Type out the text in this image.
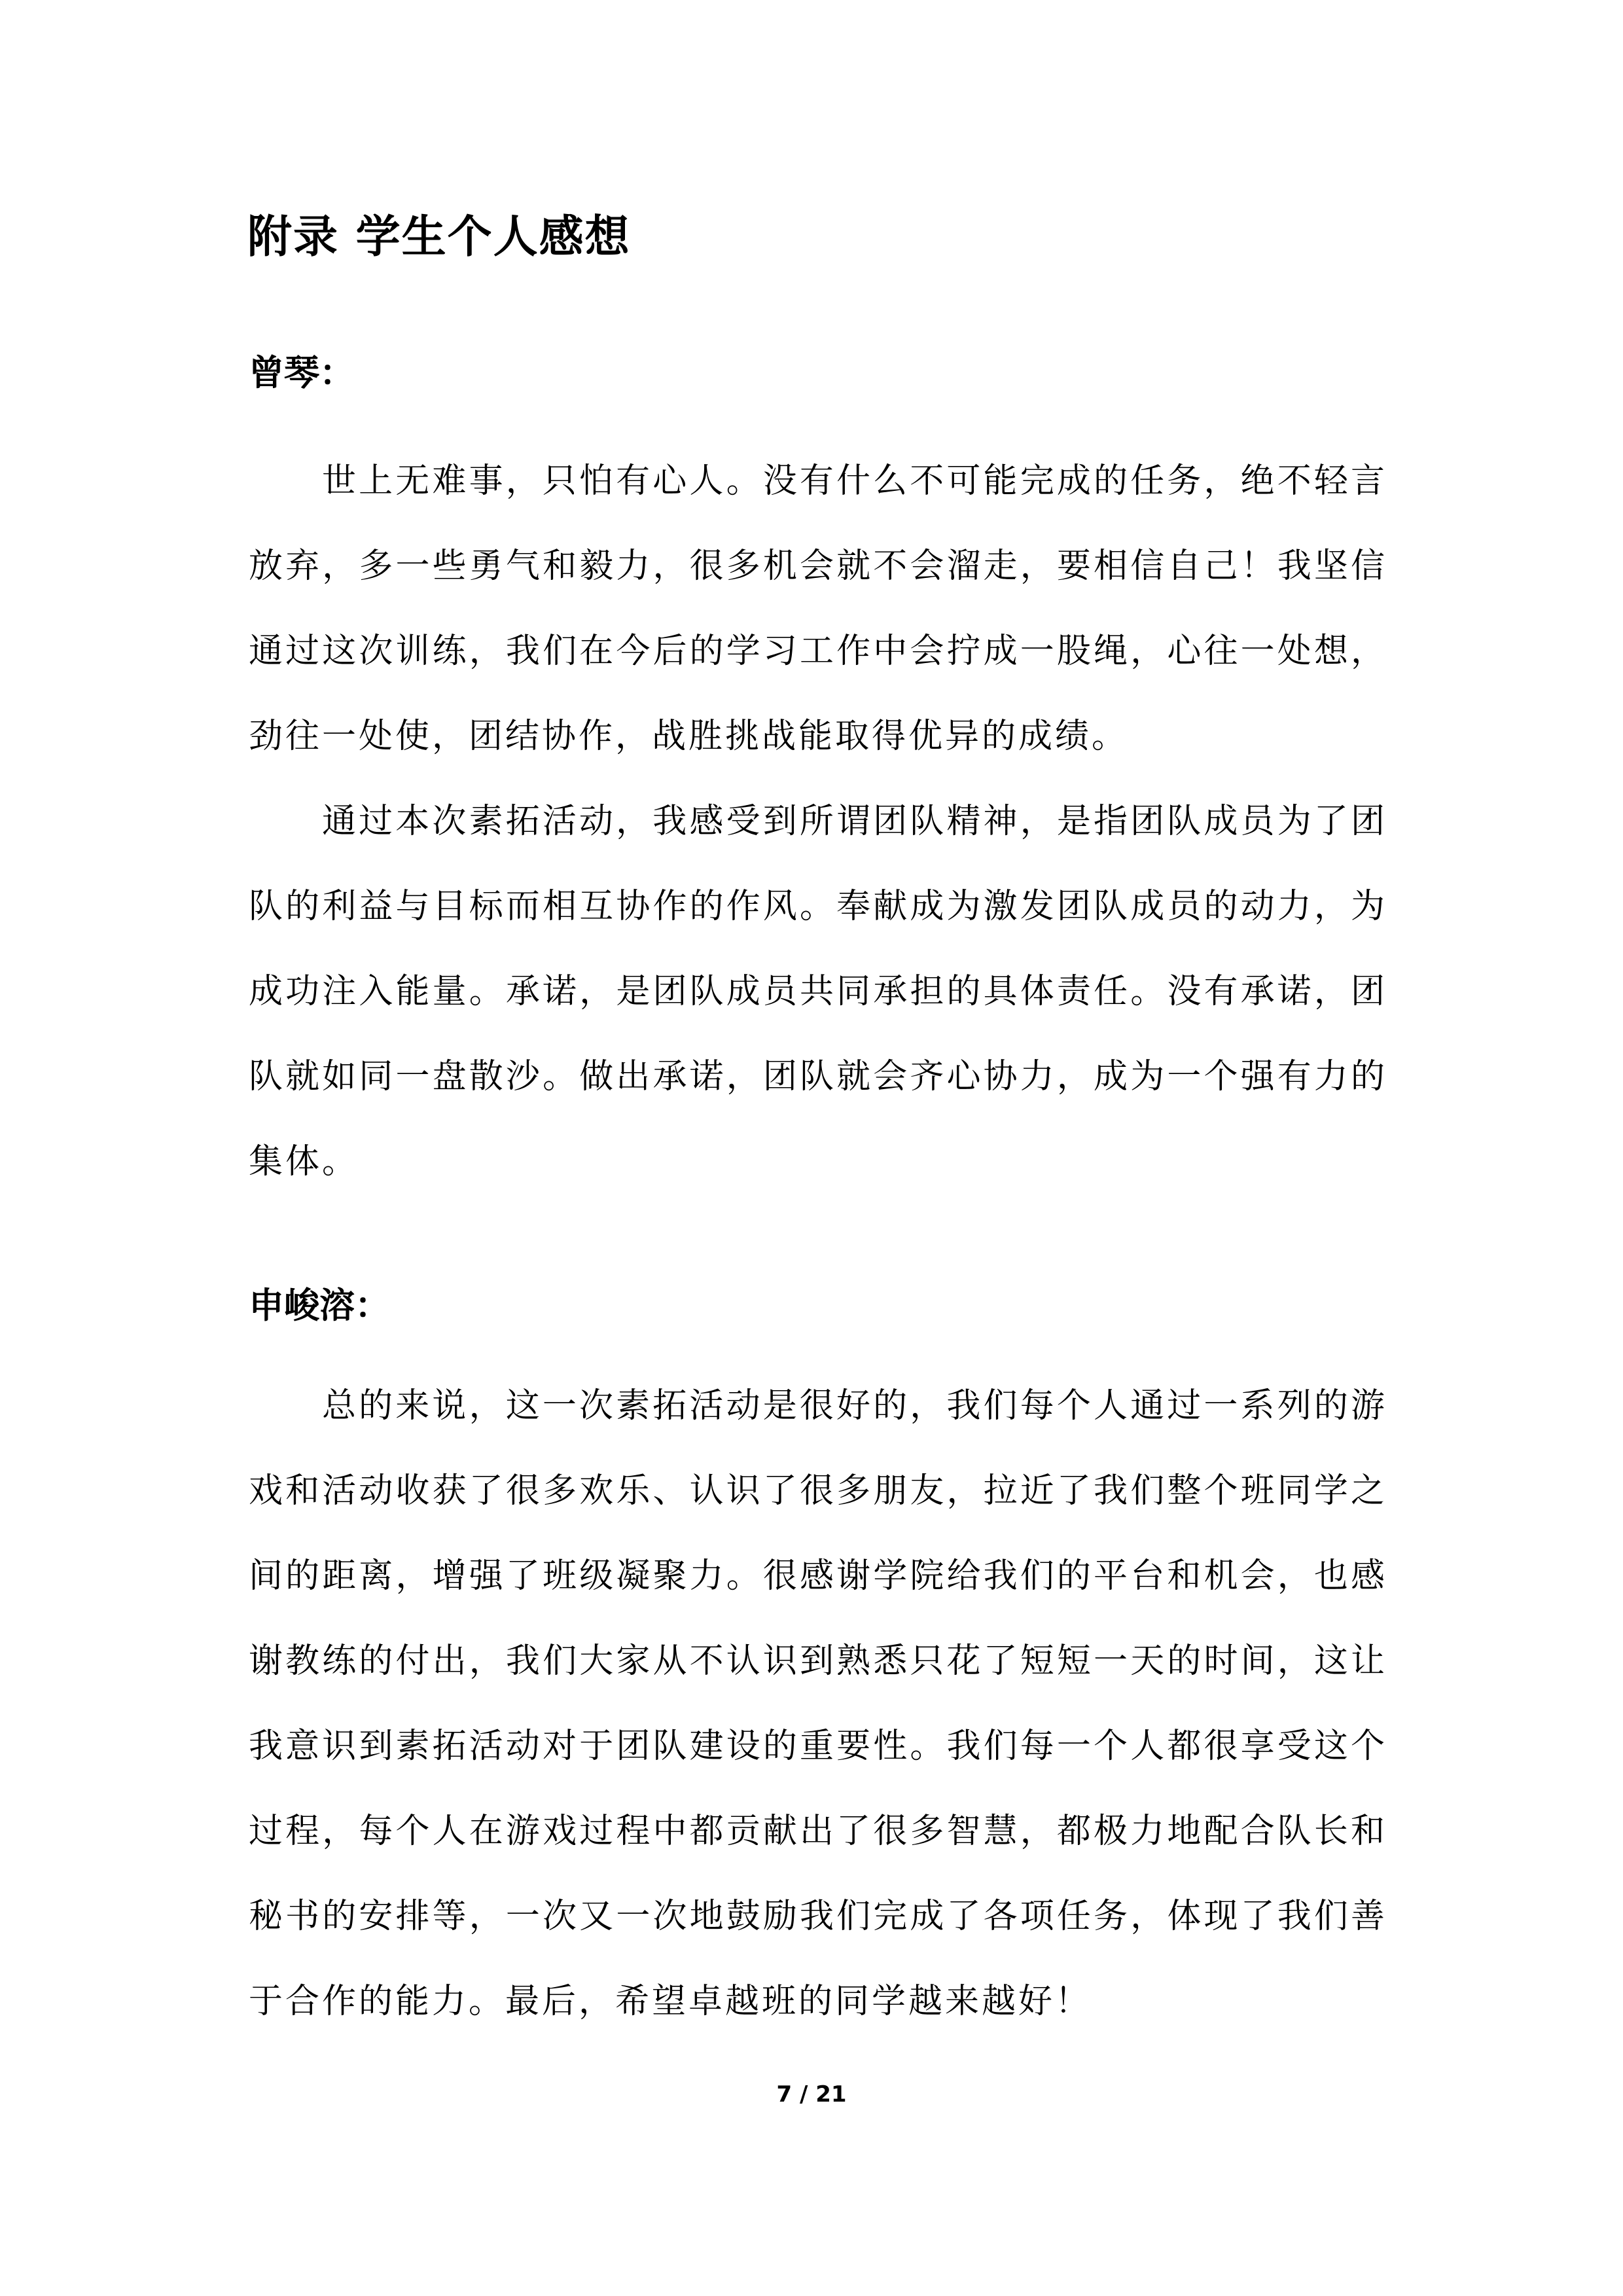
附录 学生个人感想
曾琴：

世上无难事，只怕有心人。没有什么不可能完成的任务，绝不轻言放弃，多一些勇气和毅力，很多机会就不会溜走，要相信自己！我坚信通过这次训练，我们在今后的学习工作中会拧成一股绳，心往一处想，劲往一处使，团结协作，战胜挑战能取得优异的成绩。

通过本次素拓活动，我感受到所谓团队精神，是指团队成员为了团队的利益与目标而相互协作的作风。奉献成为激发团队成员的动力，为成功注入能量。承诺，是团队成员共同承担的具体责任。没有承诺，团队就如同一盘散沙。做出承诺，团队就会齐心协力，成为一个强有力的集体。

申峻溶：

总的来说，这一次素拓活动是很好的，我们每个人通过一系列的游戏和活动收获了很多欢乐、认识了很多朋友，拉近了我们整个班同学之间的距离，增强了班级凝聚力。很感谢学院给我们的平台和机会，也感谢教练的付出，我们大家从不认识到熟悉只花了短短一天的时间，这让我意识到素拓活动对于团队建设的重要性。我们每一个人都很享受这个过程，每个人在游戏过程中都贡献出了很多智慧，都极力地配合队长和秘书的安排等，一次又一次地鼓励我们完成了各项任务，体现了我们善于合作的能力。最后，希望卓越班的同学越来越好！

7 / 21
